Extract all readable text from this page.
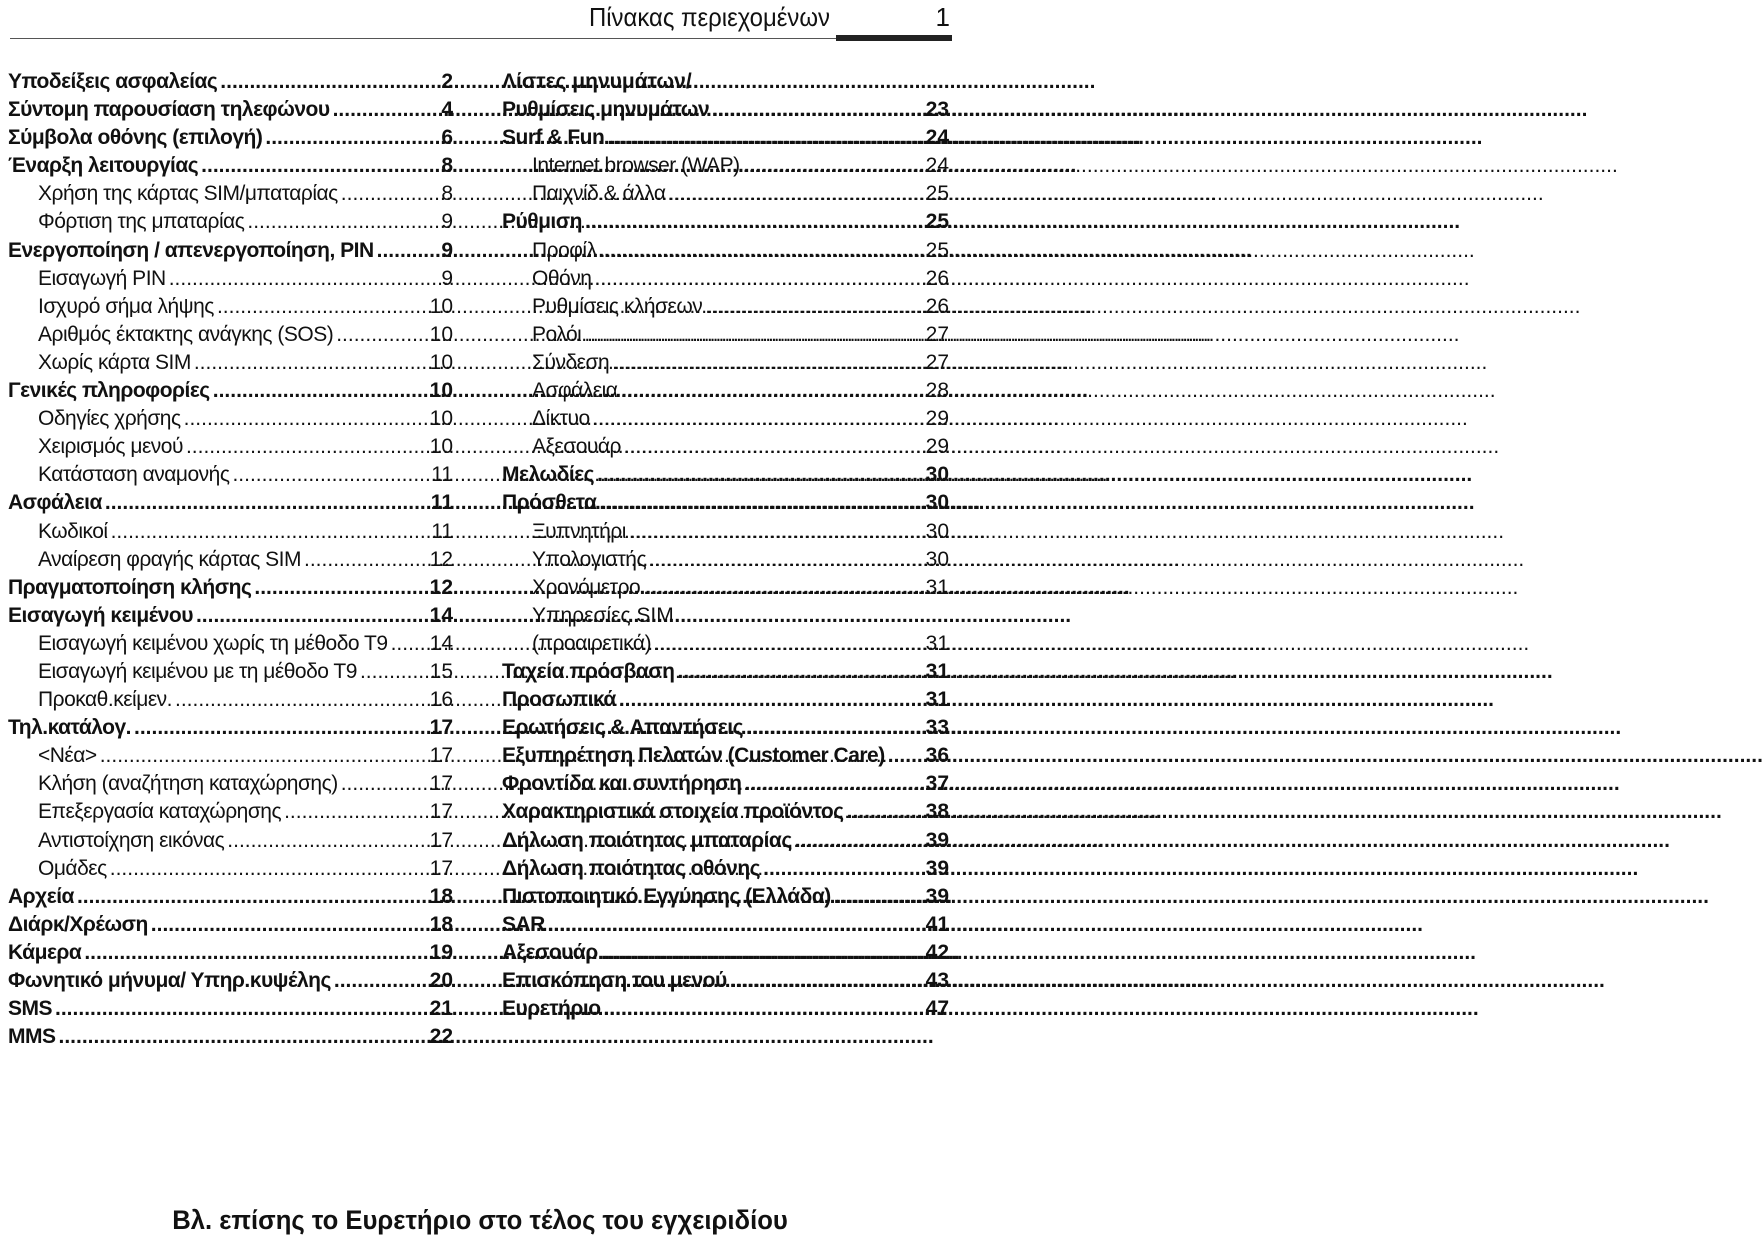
Πίνακας περιεχομένων	1
Υποδείξεις ασφαλείας .....	2
Σύντομη παρουσίαση τηλεφώνου .....	4
Σύμβολα οθόνης (επιλογή) .....	6
Έναρξη λειτουργίας .....	8
Χρήση της κάρτας SIM/μπαταρίας .....	8
Φόρτιση της μπαταρίας .....	9
Ενεργοποίηση / απενεργοποίηση, PIN .....	9
Εισαγωγή PIN .....	9
Ισχυρό σήμα λήψης .....	10
Αριθμός έκτακτης ανάγκης (SOS) .....	10
Χωρίς κάρτα SIM .....	10
Γενικές πληροφορίες .....	10
Οδηγίες χρήσης .....	10
Χειρισμός μενού .....	10
Κατάσταση αναμονής .....	11
Ασφάλεια .....	11
Κωδικοί .....	11
Αναίρεση φραγής κάρτας SIM .....	12
Πραγματοποίηση κλήσης .....	12
Εισαγωγή κειμένου .....	14
Εισαγωγή κειμένου χωρίς τη μέθοδο Τ9 ..... 14
Εισαγωγή κειμένου με τη μέθοδο Τ9 .....	15
Προκαθ.κείμεν. .....	16
Τηλ.κατάλογ. .....	17
<Νέα> .....	17
Κλήση (αναζήτηση καταχώρησης) .....	17
Επεξεργασία καταχώρησης .....	17
Αντιστοίχηση εικόνας .....	17
Ομάδες .....	17
Αρχεία .....	18
Διάρκ/Χρέωση .....	18
Κάμερα .....	19
Φωνητικό μήνυμα/ Υπηρ.κυψέλης .....	20
SMS .....	21
MMS .....	22
Λίστες μηνυμάτων/
Ρυθμίσεις μηνυμάτων .....	23
Surf & Fun .....	24
Internet browser (WAP) .....	24
Παιχνίδ.& άλλα .....	25
Ρύθμιση .....	25
Προφίλ .....	25
Οθόνη .....	26
Ρυθμίσεις κλήσεων .....	26
Ρολόι .....	27
Σύνδεση .....	27
Ασφάλεια .....	28
Δίκτυο .....	29
Αξεσουάρ .....	29
Μελωδίες .....	30
Πρόσθετα .....	30
Ξυπνητήρι .....	30
Υπολογιστής .....	30
Χρονόμετρο .....	31
Υπηρεσίες SIM
(προαιρετικά) .....	31
Ταχεία πρόσβαση .....	31
Προσωπικά .....	31
Ερωτήσεις & Απαντήσεις .....	33
Εξυπηρέτηση Πελατών (Customer Care) ..... 36
Φροντίδα και συντήρηση .....	37
Χαρακτηριστικά στοιχεία προϊόντος .....	38
Δήλωση ποιότητας μπαταρίας .....	39
Δήλωση ποιότητας οθόνης .....	39
Πιστοποιητικό Εγγύησης (Ελλάδα) .....	39
SAR .....	41
Αξεσουάρ .....	42
Επισκόπηση του μενού .....	43
Ευρετήριο .....	47
Βλ. επίσης το Ευρετήριο στο τέλος του εγχειριδίου
